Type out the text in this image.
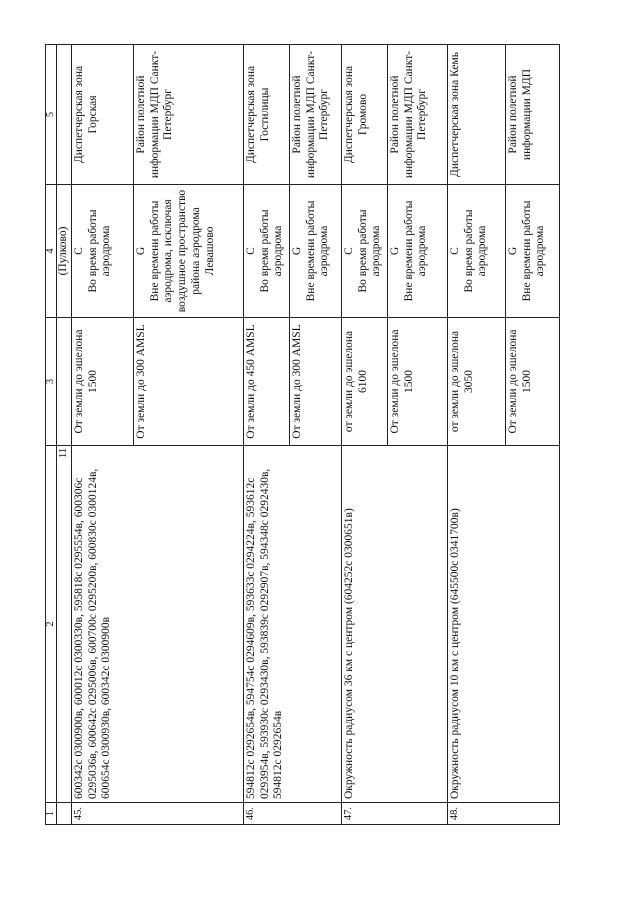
11
1	2	3	4	5
			(Пулково)	
45.	600342с 0300900в, 600012с 0300330в, 595818с 0295554в, 600306с 0295036в, 600642с 0295006в, 600700с 0295200в, 600830с 0300124в, 600654с 0300930в, 600342с 0300900в	От земли до эшелона 1500	C Во время работы аэродрома	Диспетчерская зона Горская
		От земли до 300 AMSL	G Вне времени работы аэродрома, исключая воздушное пространство района аэродрома Левашово	Район полетной информации МДП Санкт-Петербург
46.	594812с 0292654в, 594754с 0294609в, 593633с 0294224в, 593612с 0293954в, 593930с 0293430в, 593839с 0292907в, 594348с 0292430в, 594812с 0292654в	От земли до 450 AMSL	C Во время работы аэродрома	Диспетчерская зона Гостилицы
		От земли до 300 AMSL	G Вне времени работы аэродрома	Район полетной информации МДП Санкт-Петербург
47.	Окружность радиусом 36 км с центром (604252с 0300651в)	от земли до эшелона 6100	C Во время работы аэродрома	Диспетчерская зона Громово
		От земли до эшелона 1500	G Вне времени работы аэродрома	Район полетной информации МДП Санкт-Петербург
48.	Окружность радиусом 10 км с центром (645500с 0341700в)	от земли до эшелона 3050	C Во время работы аэродрома	Диспетчерская зона Кемь
		От земли до эшелона 1500	G Вне времени работы аэродрома	Район полетной информации МДП
